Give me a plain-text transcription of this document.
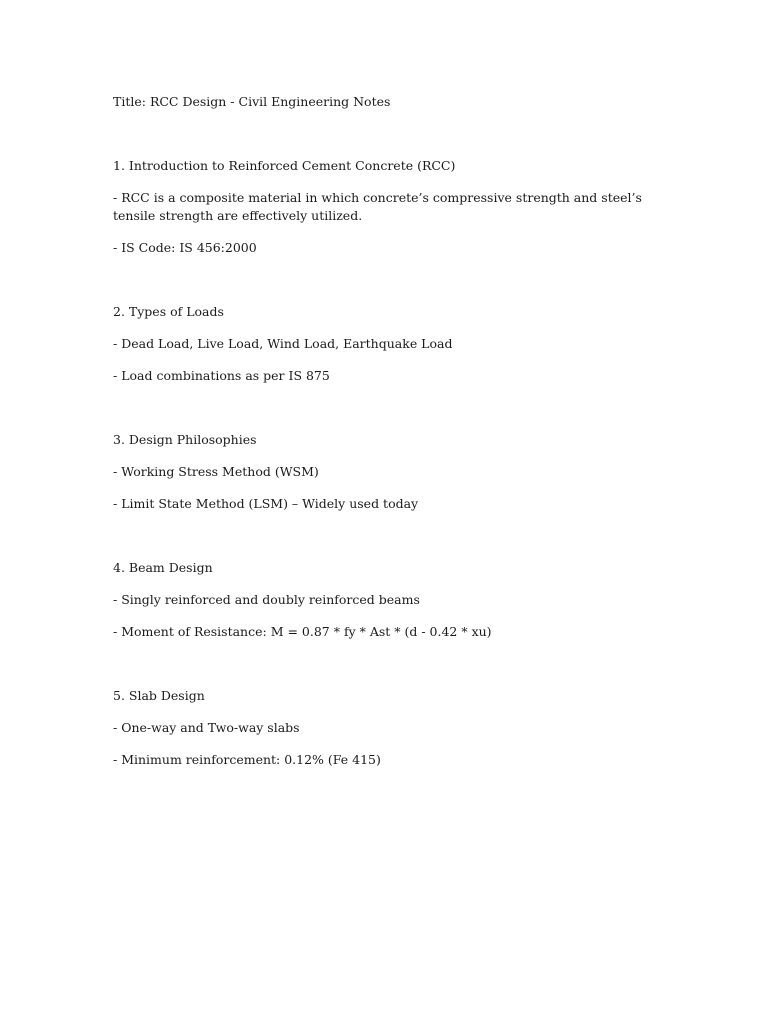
Title: RCC Design - Civil Engineering Notes

1. Introduction to Reinforced Cement Concrete (RCC)

- RCC is a composite material in which concrete’s compressive strength and steel’s tensile strength are effectively utilized.

- IS Code: IS 456:2000

2. Types of Loads

- Dead Load, Live Load, Wind Load, Earthquake Load

- Load combinations as per IS 875

3. Design Philosophies

- Working Stress Method (WSM)

- Limit State Method (LSM) – Widely used today

4. Beam Design

- Singly reinforced and doubly reinforced beams

- Moment of Resistance: M = 0.87 * fy * Ast * (d - 0.42 * xu)

5. Slab Design

- One-way and Two-way slabs

- Minimum reinforcement: 0.12% (Fe 415)
